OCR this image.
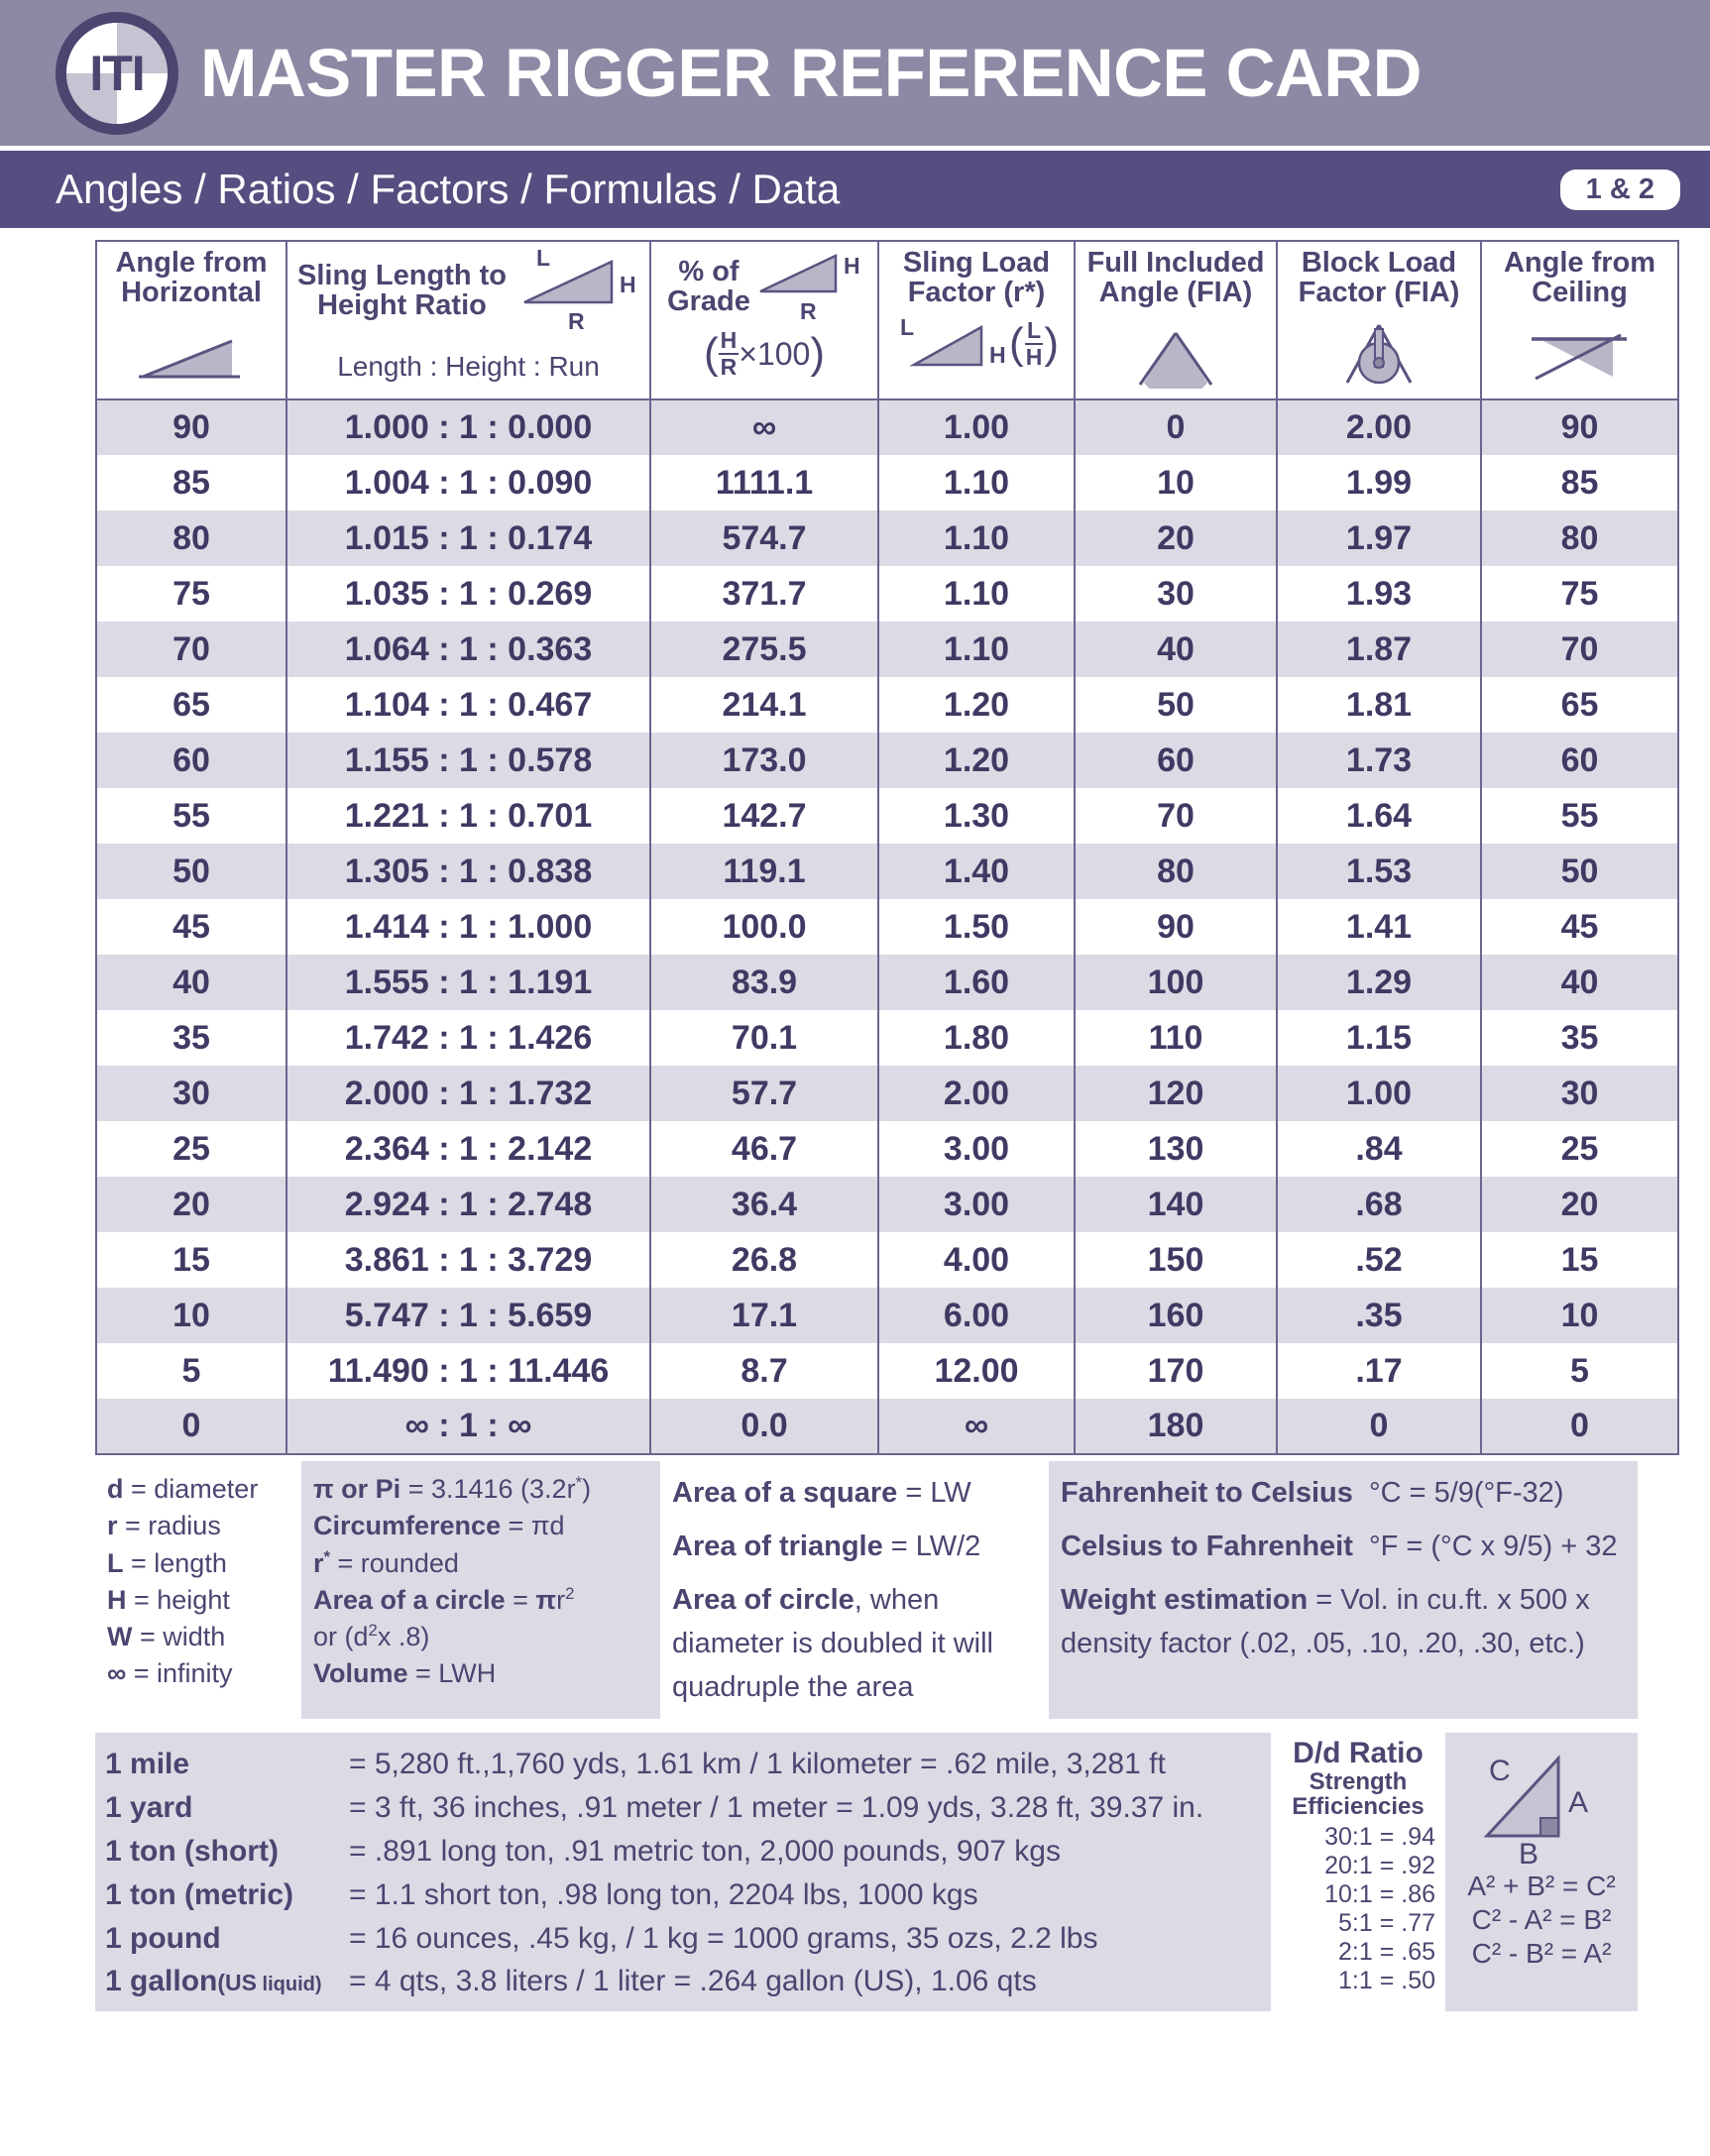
ITI MASTER RIGGER REFERENCE CARD
Angles / Ratios / Factors / Formulas / Data	1 & 2
Angle from
Horizontal

Sling Length to
Height Ratio
L
H
R
Length : Height : Run

% of
Grade
H
R
( $\frac{H}{R} \times 100$ )

Sling Load
Factor (r*)
L
H ( $\frac{L}{H}$ )

Full Included
Angle (FIA)

Block Load
Factor (FIA)

Angle from
Ceiling

90	1.000 : 1 : 0.000	∞	1.00	0	2.00	90
85	1.004 : 1 : 0.090	1111.1	1.10	10	1.99	85
80	1.015 : 1 : 0.174	574.7	1.10	20	1.97	80
75	1.035 : 1 : 0.269	371.7	1.10	30	1.93	75
70	1.064 : 1 : 0.363	275.5	1.10	40	1.87	70
65	1.104 : 1 : 0.467	214.1	1.20	50	1.81	65
60	1.155 : 1 : 0.578	173.0	1.20	60	1.73	60
55	1.221 : 1 : 0.701	142.7	1.30	70	1.64	55
50	1.305 : 1 : 0.838	119.1	1.40	80	1.53	50
45	1.414 : 1 : 1.000	100.0	1.50	90	1.41	45
40	1.555 : 1 : 1.191	83.9	1.60	100	1.29	40
35	1.742 : 1 : 1.426	70.1	1.80	110	1.15	35
30	2.000 : 1 : 1.732	57.7	2.00	120	1.00	30
25	2.364 : 1 : 2.142	46.7	3.00	130	.84	25
20	2.924 : 1 : 2.748	36.4	3.00	140	.68	20
15	3.861 : 1 : 3.729	26.8	4.00	150	.52	15
10	5.747 : 1 : 5.659	17.1	6.00	160	.35	10
5	11.490 : 1 : 11.446	8.7	12.00	170	.17	5
0	∞ : 1 : ∞	0.0	∞	180	0	0
d = diameter
r = radius
L = length
H = height
W = width
∞ = infinity
π or Pi = 3.1416 (3.2r*)
Circumference = πd
r* = rounded
Area of a circle = $\pi r^2$
or ($d^2x$ .8)
Volume = LWH
Area of a square = LW
Area of triangle = LW/2
Area of circle, when diameter is doubled it will quadruple the area
Fahrenheit to Celsius  °C = 5/9(°F-32)
Celsius to Fahrenheit  °F = (°C x 9/5) + 32
Weight estimation = Vol. in cu.ft. x 500 x density factor (.02, .05, .10, .20, .30, etc.)
1 mile	= 5,280 ft.,1,760 yds, 1.61 km / 1 kilometer = .62 mile, 3,281 ft
1 yard	= 3 ft, 36 inches, .91 meter / 1 meter = 1.09 yds, 3.28 ft, 39.37 in.
1 ton (short)	= .891 long ton, .91 metric ton, 2,000 pounds, 907 kgs
1 ton (metric)	= 1.1 short ton, .98 long ton, 2204 lbs, 1000 kgs
1 pound	= 16 ounces, .45 kg, / 1 kg = 1000 grams, 35 ozs, 2.2 lbs
1 gallon(US liquid) = 4 qts, 3.8 liters / 1 liter = .264 gallon (US), 1.06 qts
D/d Ratio
Strength
Efficiencies
30:1 = .94
20:1 = .92
10:1 = .86
5:1 = .77
2:1 = .65
1:1 = .50
C
A
B
A² + B² = C²
C² - A² = B²
C² - B² = A²
